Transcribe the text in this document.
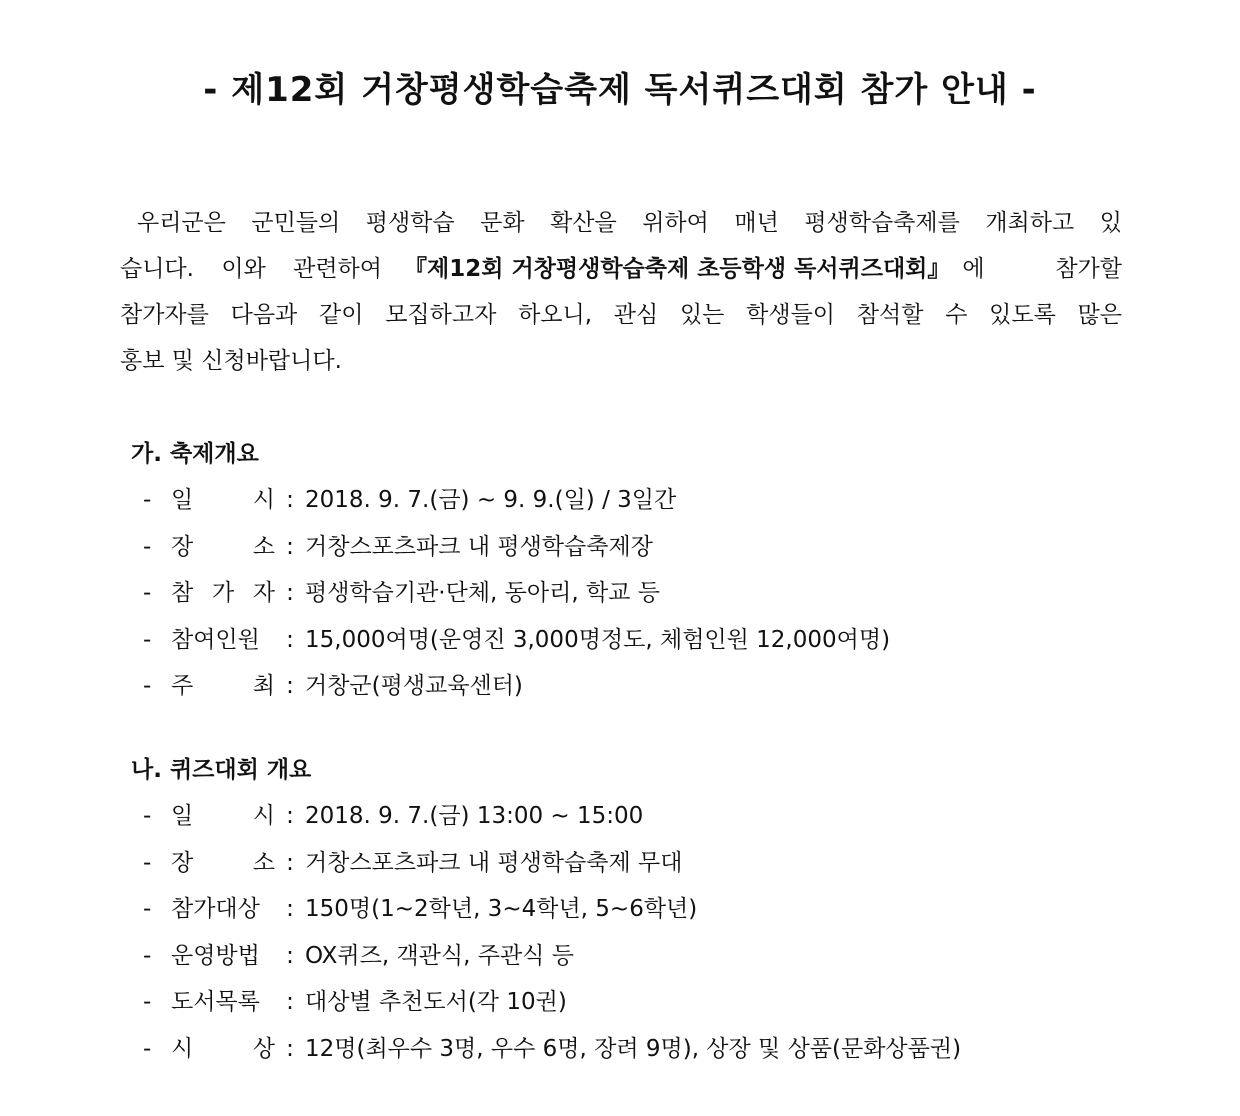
- 제12회 거창평생학습축제 독서퀴즈대회 참가 안내 -
우리군은 군민들의 평생학습 문화 확산을 위하여 매년 평생학습축제를 개최하고 있
습니다. 이와 관련하여 『제12회 거창평생학습축제 초등학생 독서퀴즈대회』 에	참가할
참가자를 다음과 같이 모집하고자 하오니, 관심 있는 학생들이 참석할 수 있도록 많은
홍보 및 신청바랍니다.
가. 축제개요
- 일	시 : 2018. 9. 7.(금) ~ 9. 9.(일) / 3일간
- 장	소 : 거창스포츠파크 내 평생학습축제장
- 참 가 자 : 평생학습기관·단체, 동아리, 학교 등
- 참여인원	: 15,000여명(운영진 3,000명정도, 체험인원 12,000여명)
- 주	최 : 거창군(평생교육센터)
나. 퀴즈대회 개요
- 일	시 : 2018. 9. 7.(금) 13:00 ~ 15:00
- 장	소 : 거창스포츠파크 내 평생학습축제 무대
- 참가대상	: 150명(1~2학년, 3~4학년, 5~6학년)
- 운영방법	: OX퀴즈, 객관식, 주관식 등
- 도서목록	: 대상별 추천도서(각 10권)
- 시	상 : 12명(최우수 3명, 우수 6명, 장려 9명), 상장 및 상품(문화상품권)
